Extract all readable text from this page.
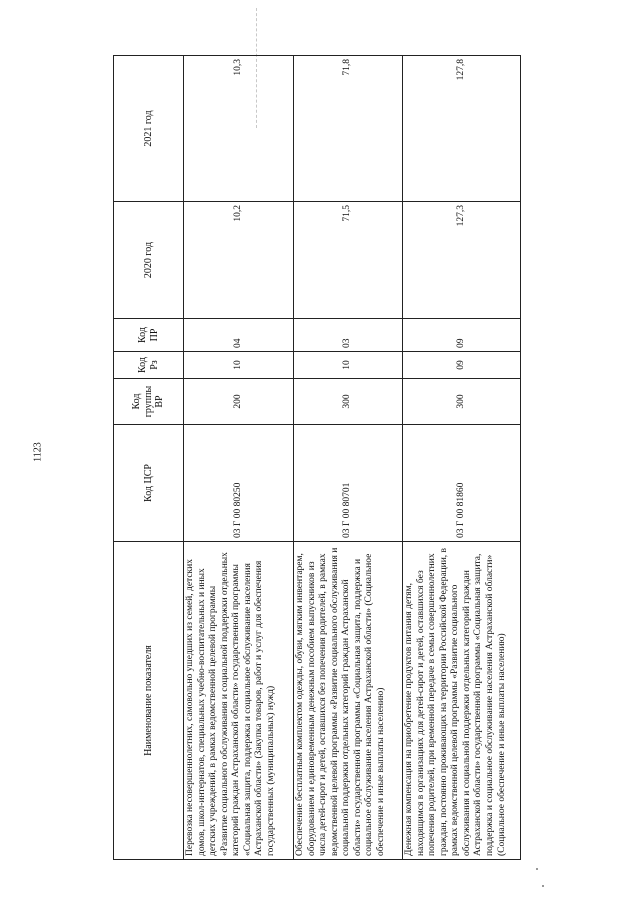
1123
Наименование показателя	Код ЦСР	Код группы ВР	Код Рз	Код ПР	2020 год	2021 год
Перевозка несовершеннолетних, самовольно ушедших из семей, детских домов, школ-интернатов, специальных учебно-воспитательных и иных детских учреждений, в рамках ведомственной целевой программы «Развитие социального обслуживания и социальной поддержки отдельных категорий граждан Астраханской области» государственной программы «Социальная защита, поддержка и социальное обслуживание населения Астраханской области» (Закупка товаров, работ и услуг для обеспечения государственных (муниципальных) нужд)	03 Г 00 80250	200	10	04	10,2	10,3
Обеспечение бесплатным комплектом одежды, обуви, мягким инвентарем, оборудованием и единовременным денежным пособием выпускников из числа детей-сирот и детей, оставшихся без попечения родителей, в рамках ведомственной целевой программы «Развитие социального обслуживания и социальной поддержки отдельных категорий граждан Астраханской области» государственной программы «Социальная защита, поддержка и социальное обслуживание населения Астраханской области» (Социальное обеспечение и иные выплаты населению)	03 Г 00 80701	300	10	03	71,5	71,8
Денежная компенсация на приобретение продуктов питания детям, находящимся в организациях для детей-сирот и детей, оставшихся без попечения родителей, при временной передаче в семьи совершеннолетних граждан, постоянно проживающих на территории Российской Федерации, в рамках ведомственной целевой программы «Развитие социального обслуживания и социальной поддержки отдельных категорий граждан Астраханской области» государственной программы «Социальная защита, поддержка и социальное обслуживание населения Астраханской области» (Социальное обеспечение и иные выплаты населению)	03 Г 00 81860	300	09	09	127,3	127,8
